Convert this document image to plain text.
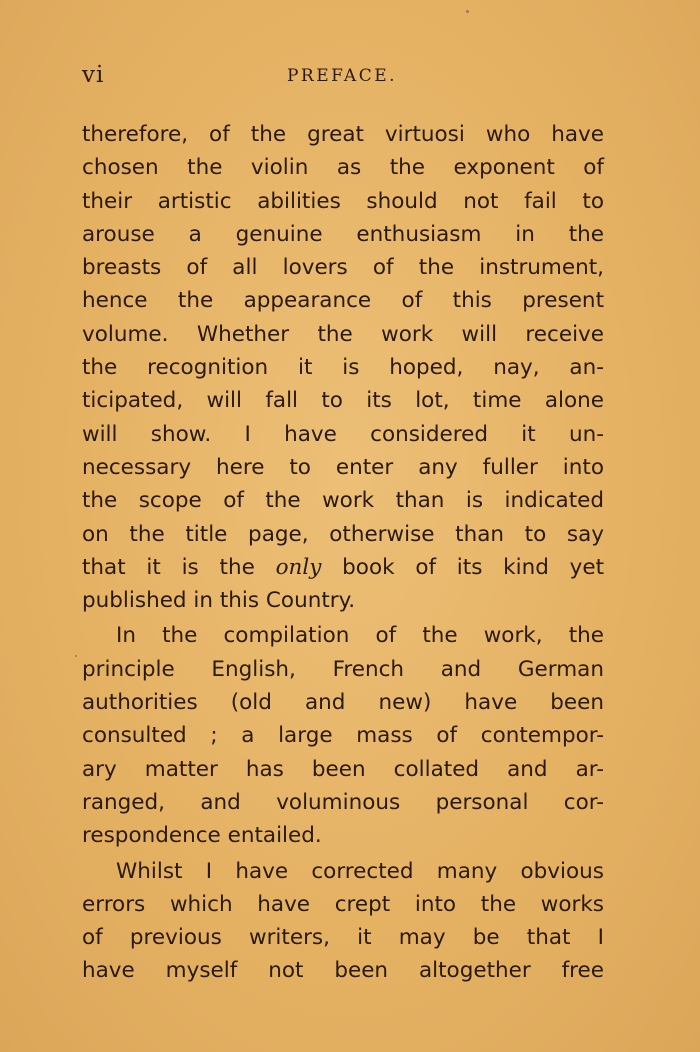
vi	PREFACE.
therefore, of the great virtuosi who have
chosen the violin as the exponent of
their artistic abilities should not fail to
arouse a genuine enthusiasm in the
breasts of all lovers of the instrument,
hence the appearance of this present
volume. Whether the work will receive
the recognition it is hoped, nay, an-
ticipated, will fall to its lot, time alone
will show. I have considered it un-
necessary here to enter any fuller into
the scope of the work than is indicated
on the title page, otherwise than to say
that it is the only book of its kind yet
published in this Country.
In the compilation of the work, the
principle English, French and German
authorities (old and new) have been
consulted ; a large mass of contempor-
ary matter has been collated and ar-
ranged, and voluminous personal cor-
respondence entailed.
Whilst I have corrected many obvious
errors which have crept into the works
of previous writers, it may be that I
have myself not been altogether free
